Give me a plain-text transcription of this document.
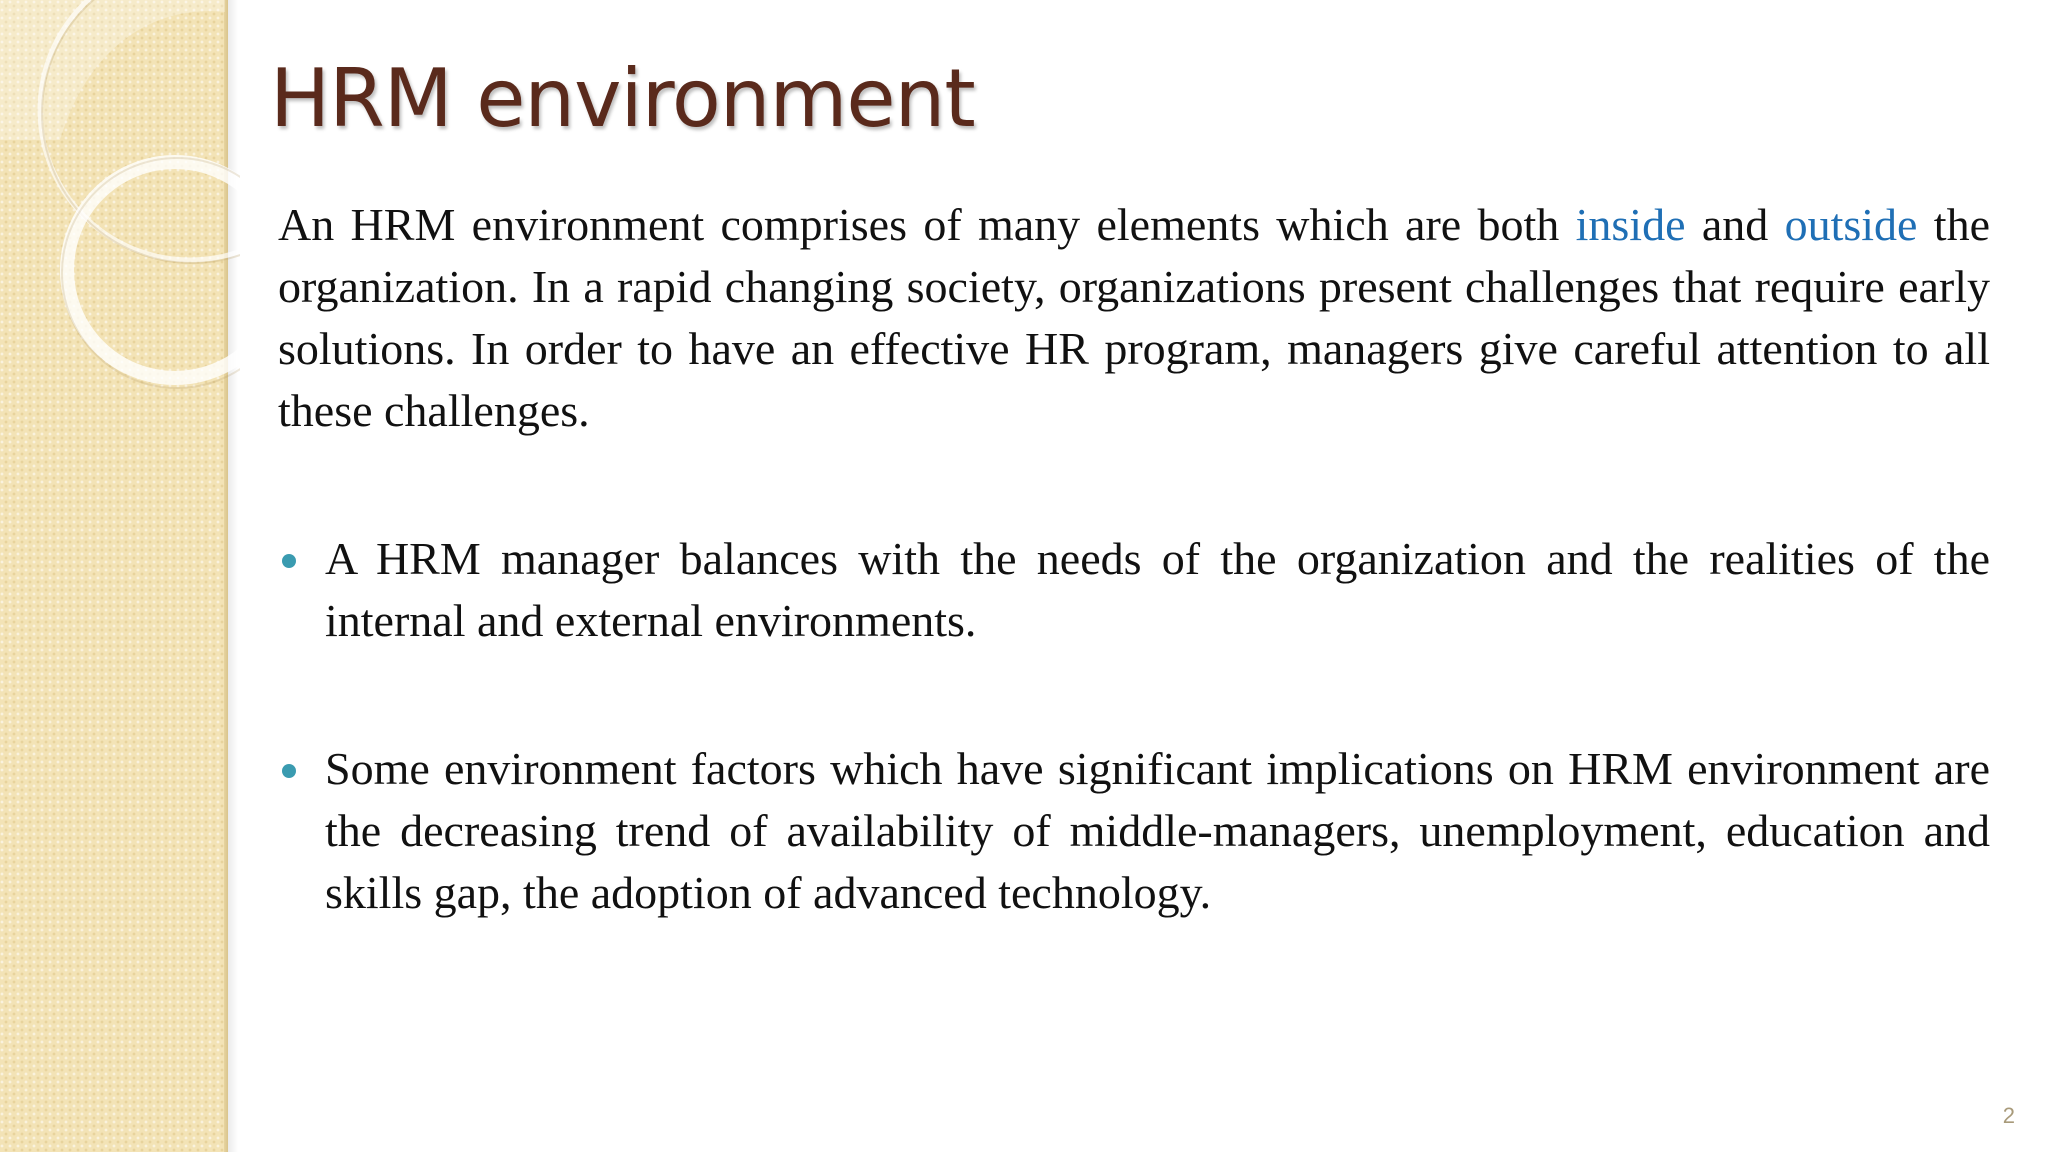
HRM environment

An HRM environment comprises of many elements which are both inside and outside the organization. In a rapid changing society, organizations present challenges that require early solutions. In order to have an effective HR program, managers give careful attention to all these challenges.

A HRM manager balances with the needs of the organization and the realities of the internal and external environments.

Some environment factors which have significant implications on HRM environment are the decreasing trend of availability of middle-managers, unemployment, education and skills gap, the adoption of advanced technology.

2
